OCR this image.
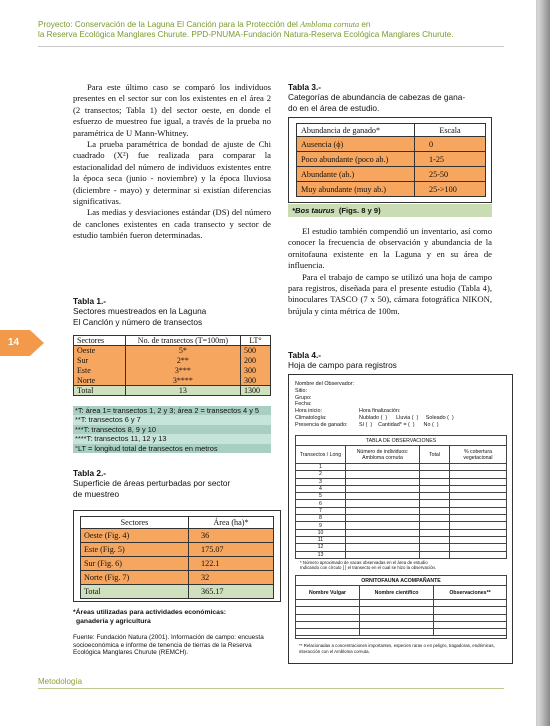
Proyecto: Conservación de la Laguna El Canción para la Protección del Ambloma cornuta en
la Reserva Ecológica Manglares Churute. PPD-PNUMA-Fundación Natura-Reserva Ecológica Manglares Churute.

Para este último caso se comparó los individuos presentes en el sector sur con los existentes en el área 2 (2 transectos; Tabla 1) del sector oeste, en donde el esfuerzo de muestreo fue igual, a través de la prueba no paramétrica de U Mann-Whitney.

La prueba paramétrica de bondad de ajuste de Chi cuadrado (X²) fue realizada para comparar la estacionalidad del número de individuos existentes entre la época seca (junio - noviembre) y la época lluviosa (diciembre - mayo) y determinar si existían diferencias significativas.

Las medias y desviaciones estándar (DS) del número de canclones existentes en cada transecto y sector de estudio también fueron determinadas.

Tabla 1.-
Sectores muestreados en la Laguna
El Canclón y número de transectos
Sectores	No. de transectos (T=100m)	LT°
Oeste	5*	500
Sur	2**	200
Este	3***	300
Norte	3****	300
Total	13	1300
*T: área 1= transectos 1, 2 y 3; área 2 = transectos 4 y 5
**T: transectos 6 y 7
***T: transectos 8, 9 y 10
****T: transectos 11, 12 y 13
°LT = longitud total de transectos en metros
Tabla 2.-
Superficie de áreas perturbadas por sector
de muestreo
Sectores	Área (ha)*
Oeste (Fig. 4)	36
Este (Fig. 5)	175.07
Sur (Fig. 6)	122.1
Norte (Fig. 7)	32
Total	365.17
*Áreas utilizadas para actividades económicas:
ganadería y agricultura
Fuente: Fundación Natura (2001). Información de campo: encuesta socioeconómica e informe de tenencia de tierras de la Reserva Ecológica Manglares Churute (REMCH).
Tabla 3.-
Categorías de abundancia de cabezas de gana-
do en el área de estudio.
Abundancia de ganado*	Escala
Ausencia (ϕ)	0
Poco abundante (poco ab.)	1-25
Abundante (ab.)	25-50
Muy abundante (muy ab.)	25->100
*Bos taurus (Figs. 8 y 9)

El estudio también compendió un inventario, así como conocer la frecuencia de observación y abundancia de la ornitofauna existente en la Laguna y en su área de influencia.

Para el trabajo de campo se utilizó una hoja de campo para registros, diseñada para el presente estudio (Tabla 4), binoculares TASCO (7 x 50), cámara fotográfica NIKON, brújula y cinta métrica de 100m.

Tabla 4.-
Hoja de campo para registros
Nombre del Observador:
Sitio:
Grupo:
Fecha:
Hora inicio:	Hora finalización:
Climatología:	Nublado (  )      Lluvia (  )     Soleado (  )
Presencia de ganado:	Sí (  )    Cantidad* = (  )      No (  )
TABLA DE OBSERVACIONES			
Transectos / Long	Número de individuos: Ambloma cornuta	Total	% cobertura vegetacional
1			
2			
3			
4			
5			
6			
7			
8			
9			
10			
11			
12			
13			
* Número aproximado de vacas observadas en el área de estudio
Indicando con círculo [ ] el transecto en el cual se hizo la observación.
ORNITOFAUNA ACOMPAÑANTE		
Nombre Vulgar	Nombre científico	Observaciones**

** Relacionadas a concentraciones importantes, especies raras o en peligro, tragadoras, endémicas, interacción con el Ambloma cornuta.
14
Metodología
